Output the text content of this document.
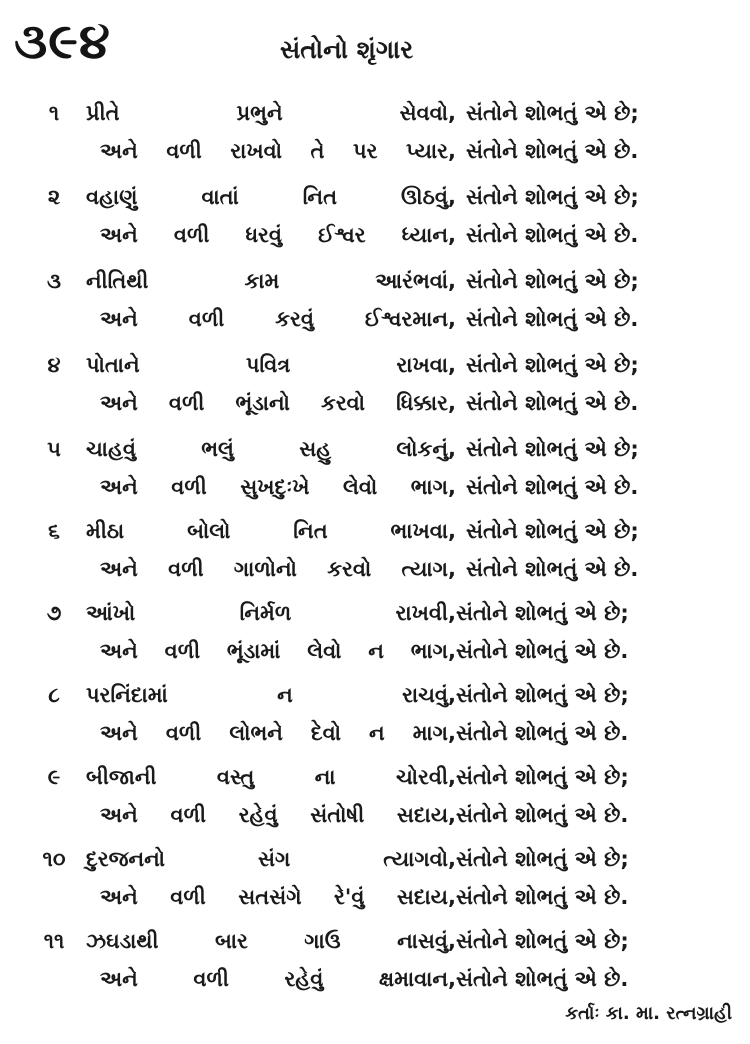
૩૯૪	સંતોનો શૃંગાર
૧	પ્રીતે	પ્રભુને	સેવવો,
અને વળી રાખવો તે પર પ્યાર,
સંતોને શોભતું એ છે;
સંતોને શોભતું એ છે.
૨	વહાણું	વાતાં	નિત	ઊઠવું,
અને વળી ધરવું ઈશ્વર ધ્યાન,
સંતોને શોભતું એ છે;
સંતોને શોભતું એ છે.
૩	નીતિથી	કામ	આરંભવાં,
અને વળી કરવું ઈશ્વરમાન,
સંતોને શોભતું એ છે;
સંતોને શોભતું એ છે.
૪	પોતાને	પવિત્ર	રાખવા,
અને વળી ભૂંડાનો કરવો ધિક્કાર,
સંતોને શોભતું એ છે;
સંતોને શોભતું એ છે.
૫	ચાહવું	ભલું	સહુ	લોકનું,
અને વળી સુખદુઃખે લેવો ભાગ,
સંતોને શોભતું એ છે;
સંતોને શોભતું એ છે.
૬	મીઠા	બોલો	નિત	ભાખવા,
અને વળી ગાળોનો કરવો ત્યાગ,
સંતોને શોભતું એ છે;
સંતોને શોભતું એ છે.
૭	આંખો	નિર્મળ	રાખવી,
અને વળી ભૂંડામાં લેવો ન ભાગ,
સંતોને શોભતું એ છે;
સંતોને શોભતું એ છે.
૮	પરનિંદામાં	ન	રાચવું,
અને વળી લોભને દેવો ન માગ,
સંતોને શોભતું એ છે;
સંતોને શોભતું એ છે.
૯	બીજાની	વસ્તુ	ના	ચોરવી,
અને વળી રહેવું સંતોષી સદાય,
સંતોને શોભતું એ છે;
સંતોને શોભતું એ છે.
૧૦ દુરજનનો	સંગ	ત્યાગવો,
અને વળી સતસંગે રે'વું સદાય,
સંતોને શોભતું એ છે;
સંતોને શોભતું એ છે.
૧૧	ઝઘડાથી	બાર	ગાઉ	નાસવું,
અને	વળી	રહેવું	ક્ષમાવાન,
સંતોને શોભતું એ છે;
સંતોને શોભતું એ છે.
કર્તાઃ કા. મા. રત્નગ્રાહી
